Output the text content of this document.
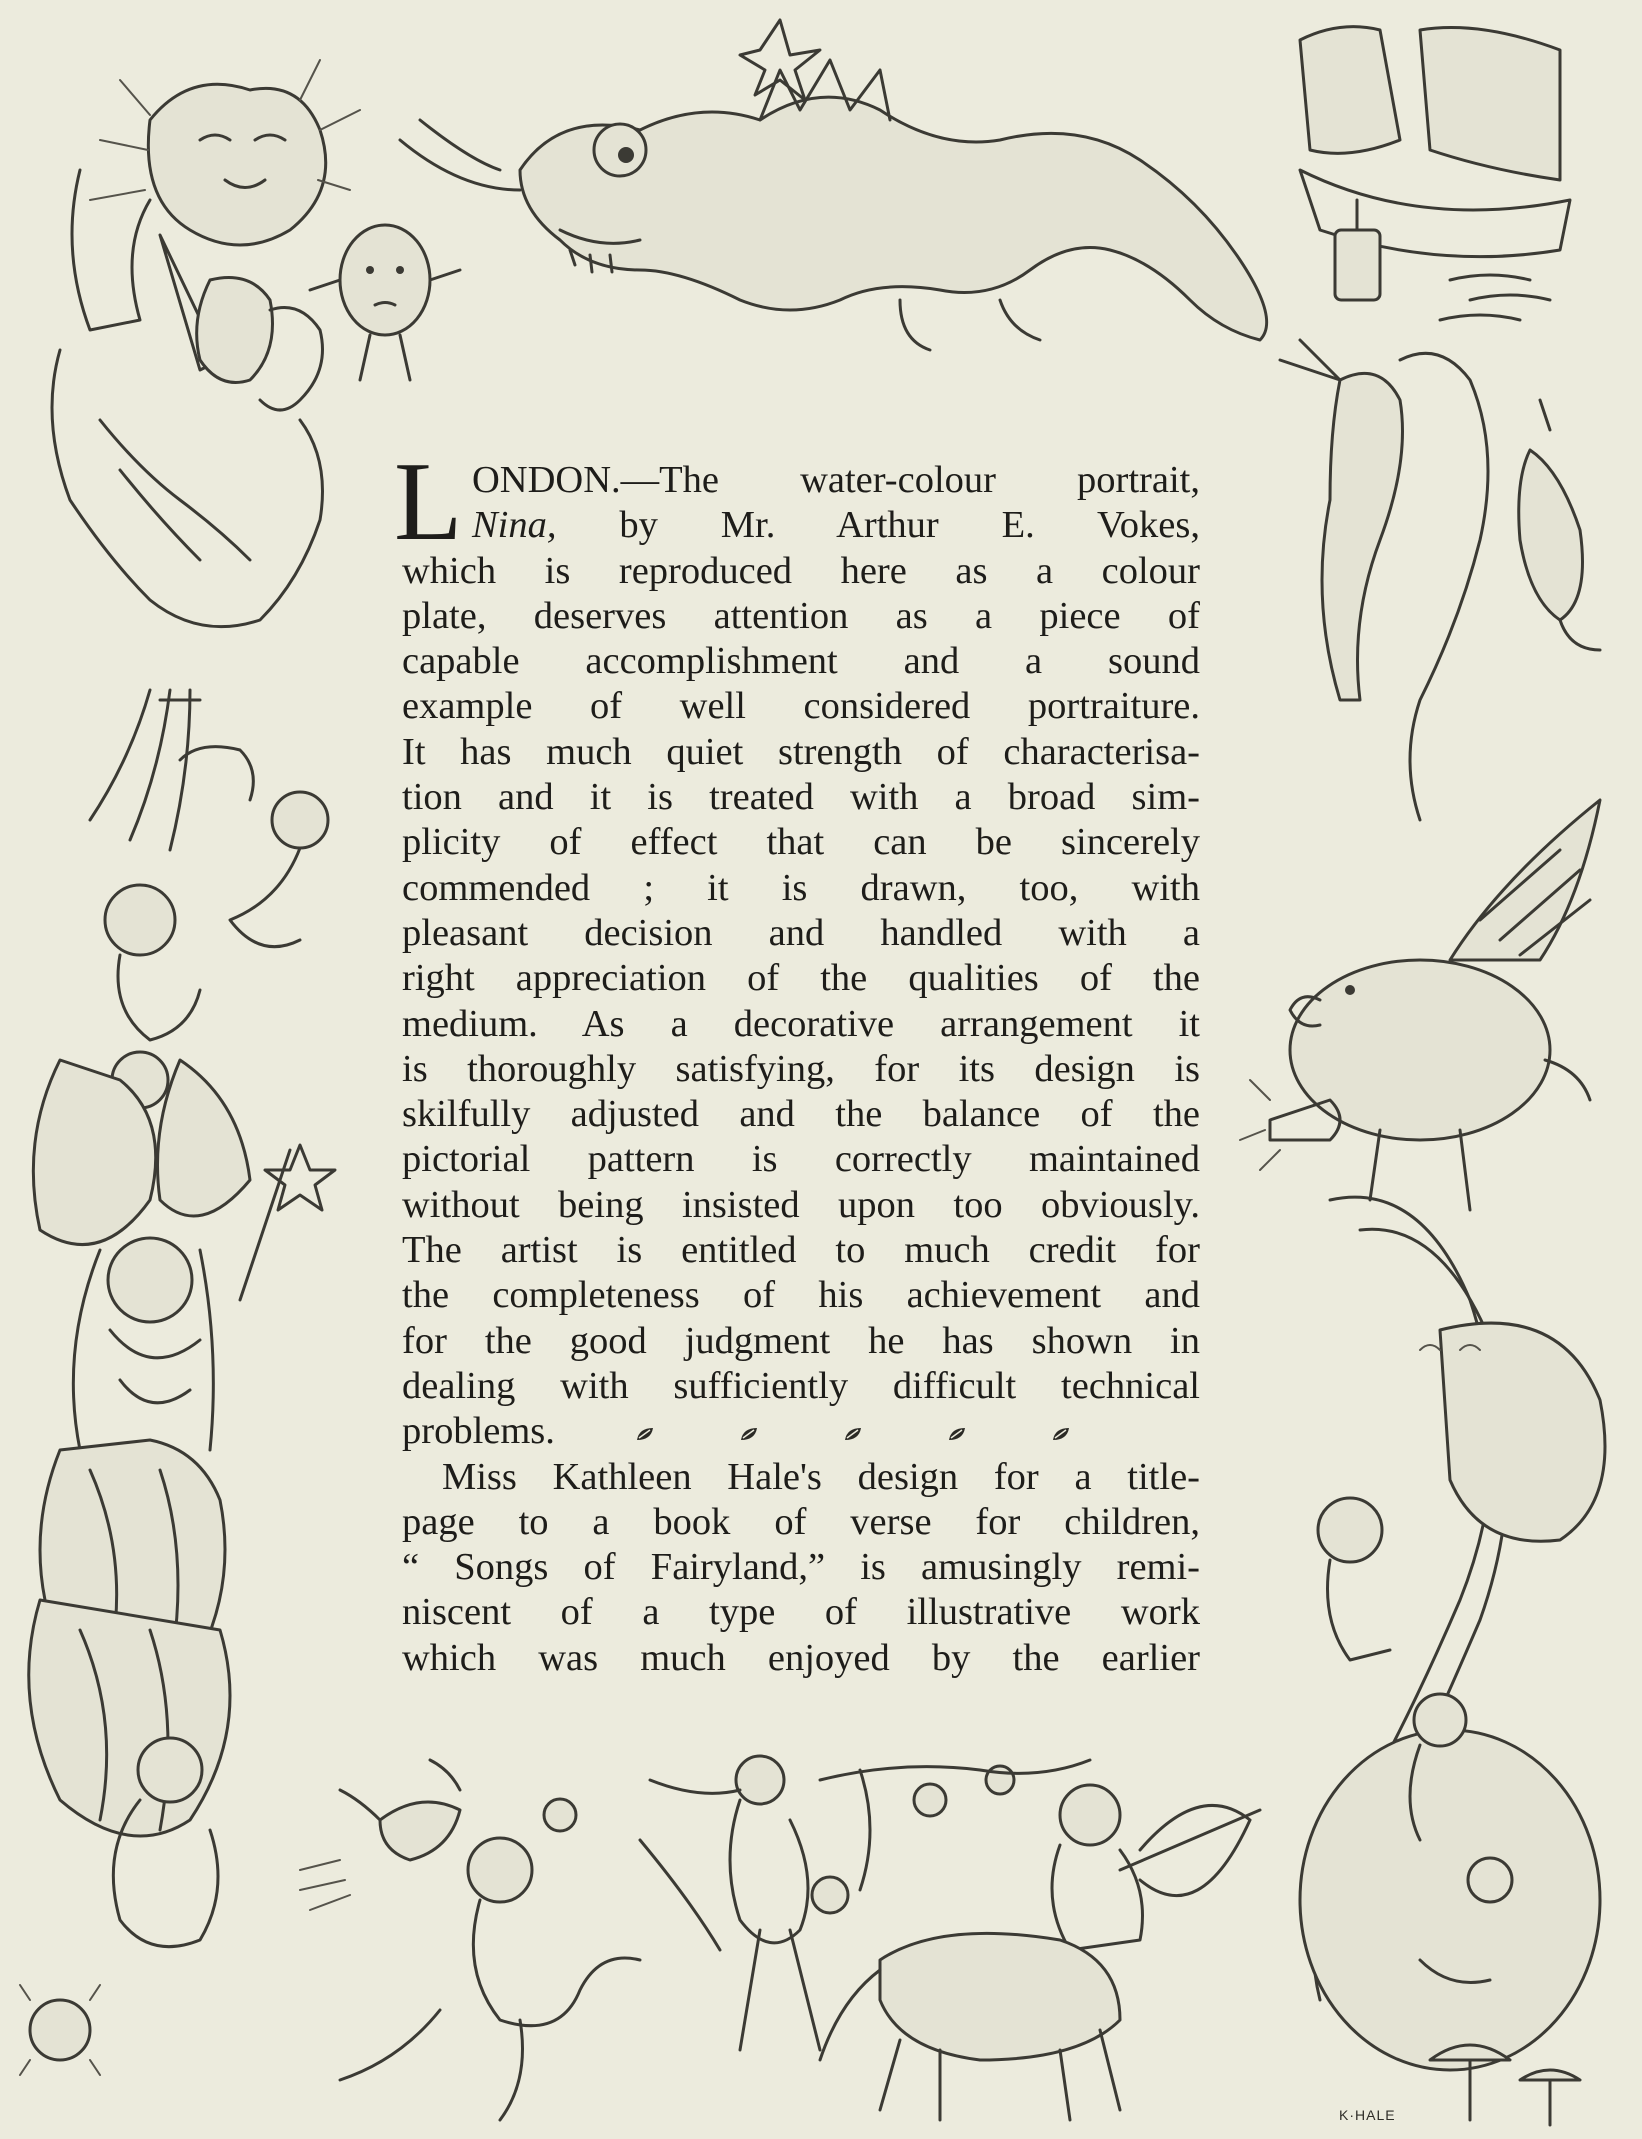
L ONDON.—The water-colour portrait,
Nina, by Mr. Arthur E. Vokes,
which is reproduced here as a colour
plate, deserves attention as a piece of
capable accomplishment and a sound
example of well considered portraiture.
It has much quiet strength of characterisa-
tion and it is treated with a broad sim-
plicity of effect that can be sincerely
commended ; it is drawn, too, with
pleasant decision and handled with a
right appreciation of the qualities of the
medium. As a decorative arrangement it
is thoroughly satisfying, for its design is
skilfully adjusted and the balance of the
pictorial pattern is correctly maintained
without being insisted upon too obviously.
The artist is entitled to much credit for
the completeness of his achievement and
for the good judgment he has shown in
dealing with sufficiently difficult technical
problems.
Miss Kathleen Hale's design for a title-
page to a book of verse for children,
“ Songs of Fairyland,” is amusingly remi-
niscent of a type of illustrative work
which was much enjoyed by the earlier
K·HALE
